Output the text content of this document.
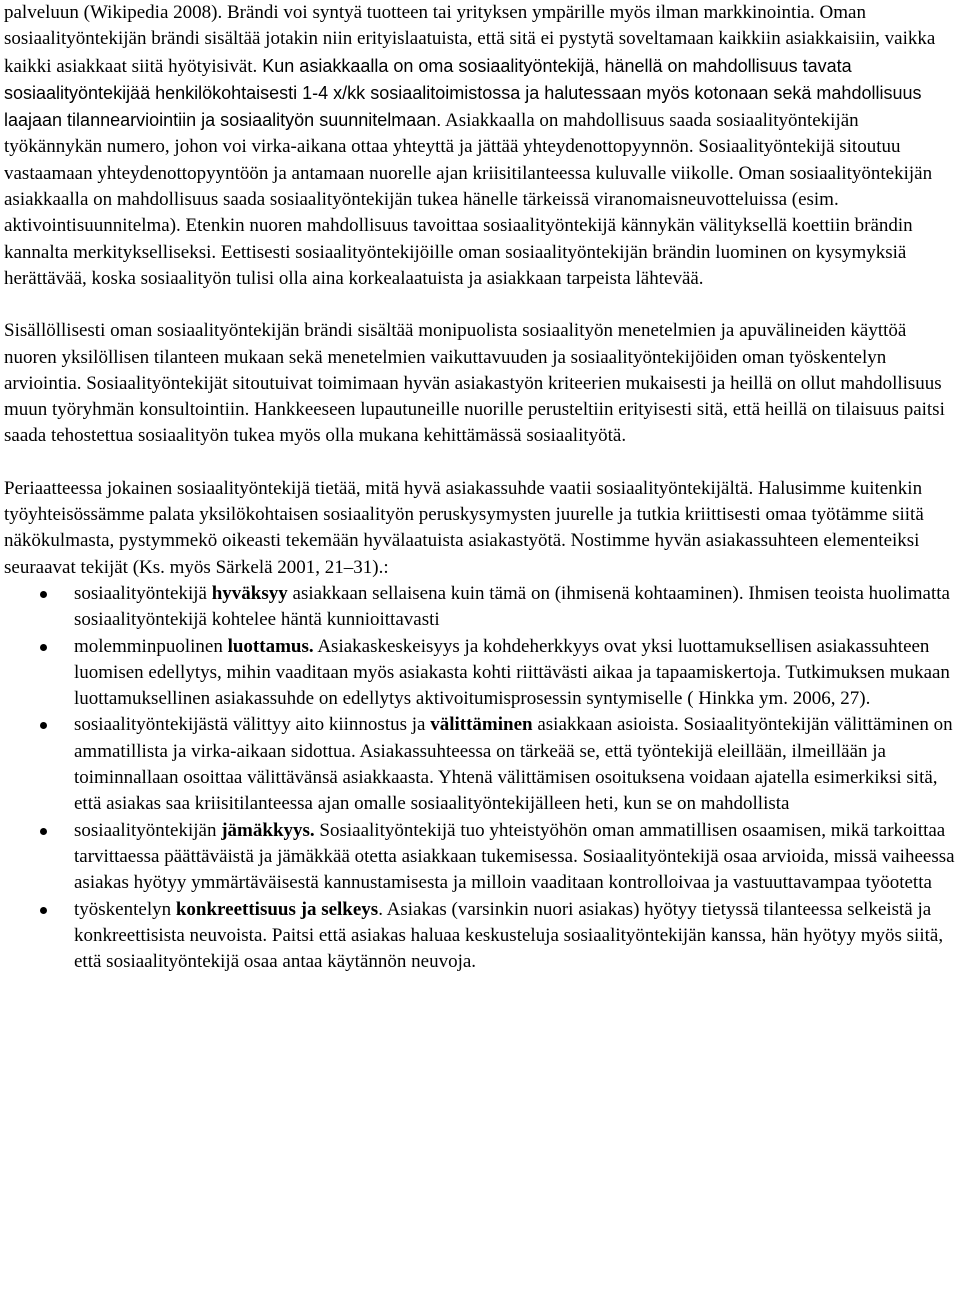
palveluun (Wikipedia 2008). Brändi voi syntyä tuotteen tai yrityksen ympärille myös ilman markkinointia. Oman sosiaalityöntekijän brändi sisältää jotakin niin erityislaatuista, että sitä ei pystytä soveltamaan kaikkiin asiakkaisiin, vaikka kaikki asiakkaat siitä hyötyisivät. Kun asiakkaalla on oma sosiaalityöntekijä, hänellä on mahdollisuus tavata sosiaalityöntekijää henkilökohtaisesti 1-4 x/kk sosiaalitoimistossa ja halutessaan myös kotonaan sekä mahdollisuus laajaan tilannearviointiin ja sosiaalityön suunnitelmaan. Asiakkaalla on mahdollisuus saada sosiaalityöntekijän työkännykän numero, johon voi virka-aikana ottaa yhteyttä ja jättää yhteydenottopyynnön. Sosiaalityöntekijä sitoutuu vastaamaan yhteydenottopyyntöön ja antamaan nuorelle ajan kriisitilanteessa kuluvalle viikolle. Oman sosiaalityöntekijän asiakkaalla on mahdollisuus saada sosiaalityöntekijän tukea hänelle tärkeissä viranomaisneuvotteluissa (esim. aktivointisuunnitelma). Etenkin nuoren mahdollisuus tavoittaa sosiaalityöntekijä kännykän välityksellä koettiin brändin kannalta merkitykselliseksi. Eettisesti sosiaalityöntekijöille oman sosiaalityöntekijän brändin luominen on kysymyksiä herättävää, koska sosiaalityön tulisi olla aina korkealaatuista ja asiakkaan tarpeista lähtevää.

Sisällöllisesti oman sosiaalityöntekijän brändi sisältää monipuolista sosiaalityön menetelmien ja apuvälineiden käyttöä nuoren yksilöllisen tilanteen mukaan sekä menetelmien vaikuttavuuden ja sosiaalityöntekijöiden oman työskentelyn arviointia. Sosiaalityöntekijät sitoutuivat toimimaan hyvän asiakastyön kriteerien mukaisesti ja heillä on ollut mahdollisuus muun työryhmän konsultointiin. Hankkeeseen lupautuneille nuorille perusteltiin erityisesti sitä, että heillä on tilaisuus paitsi saada tehostettua sosiaalityön tukea myös olla mukana kehittämässä sosiaalityötä.

Periaatteessa jokainen sosiaalityöntekijä tietää, mitä hyvä asiakassuhde vaatii sosiaalityöntekijältä. Halusimme kuitenkin työyhteisössämme palata yksilökohtaisen sosiaalityön peruskysymysten juurelle ja tutkia kriittisesti omaa työtämme siitä näkökulmasta, pystymmekö oikeasti tekemään hyvälaatuista asiakastyötä. Nostimme hyvän asiakassuhteen elementeiksi seuraavat tekijät (Ks. myös Särkelä 2001, 21–31).:

sosiaalityöntekijä hyväksyy asiakkaan sellaisena kuin tämä on (ihmisenä kohtaaminen). Ihmisen teoista huolimatta sosiaalityöntekijä kohtelee häntä kunnioittavasti
molemminpuolinen luottamus. Asiakaskeskeisyys ja kohdeherkkyys ovat yksi luottamuksellisen asiakassuhteen luomisen edellytys, mihin vaaditaan myös asiakasta kohti riittävästi aikaa ja tapaamiskertoja. Tutkimuksen mukaan luottamuksellinen asiakassuhde on edellytys aktivoitumisprosessin syntymiselle ( Hinkka ym. 2006, 27).
sosiaalityöntekijästä välittyy aito kiinnostus ja välittäminen asiakkaan asioista. Sosiaalityöntekijän välittäminen on ammatillista ja virka-aikaan sidottua. Asiakassuhteessa on tärkeää se, että työntekijä eleillään, ilmeillään ja toiminnallaan osoittaa välittävänsä asiakkaasta. Yhtenä välittämisen osoituksena voidaan ajatella esimerkiksi sitä, että asiakas saa kriisitilanteessa ajan omalle sosiaalityöntekijälleen heti, kun se on mahdollista
sosiaalityöntekijän jämäkkyys. Sosiaalityöntekijä tuo yhteistyöhön oman ammatillisen osaamisen, mikä tarkoittaa tarvittaessa päättäväistä ja jämäkkää otetta asiakkaan tukemisessa. Sosiaalityöntekijä osaa arvioida, missä vaiheessa asiakas hyötyy ymmärtäväisestä kannustamisesta ja milloin vaaditaan kontrolloivaa ja vastuuttavampaa työotetta
työskentelyn konkreettisuus ja selkeys. Asiakas (varsinkin nuori asiakas) hyötyy tietyssä tilanteessa selkeistä ja konkreettisista neuvoista. Paitsi että asiakas haluaa keskusteluja sosiaalityöntekijän kanssa, hän hyötyy myös siitä, että sosiaalityöntekijä osaa antaa käytännön neuvoja.
